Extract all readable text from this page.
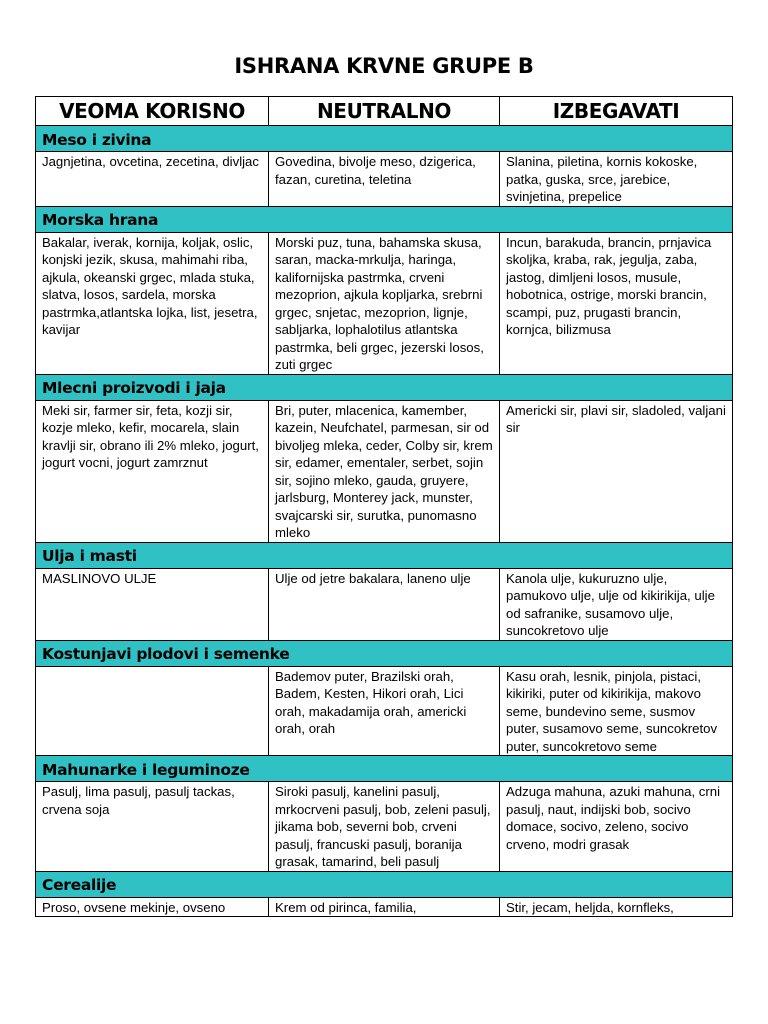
ISHRANA KRVNE GRUPE B
VEOMA KORISNO	NEUTRALNO	IZBEGAVATI
Meso i zivina		
Jagnjetina, ovcetina, zecetina, divljac	Govedina, bivolje meso, dzigerica, fazan, curetina, teletina	Slanina, piletina, kornis kokoske, patka, guska, srce, jarebice, svinjetina, prepelice
Morska hrana		
Bakalar, iverak, kornija, koljak, oslic, konjski jezik, skusa, mahimahi riba, ajkula, okeanski grgec, mlada stuka, slatva, losos, sardela, morska pastrmka,atlantska lojka, list, jesetra, kavijar	Morski puz, tuna, bahamska skusa, saran, macka-mrkulja, haringa, kalifornijska pastrmka, crveni mezoprion, ajkula kopljarka, srebrni grgec, snjetac, mezoprion, lignje, sabljarka, lophalotilus atlantska pastrmka, beli grgec, jezerski losos, zuti grgec	Incun, barakuda, brancin, prnjavica skoljka, kraba, rak, jegulja, zaba, jastog, dimljeni losos, musule, hobotnica, ostrige, morski brancin, scampi, puz, prugasti brancin, kornjca, bilizmusa
Mlecni proizvodi i jaja		
Meki sir, farmer sir, feta, kozji sir, kozje mleko, kefir, mocarela, slain kravlji sir, obrano ili 2% mleko, jogurt, jogurt vocni, jogurt zamrznut	Bri, puter, mlacenica, kamember, kazein, Neufchatel, parmesan, sir od bivoljeg mleka, ceder, Colby sir, krem sir, edamer, ementaler, serbet, sojin sir, sojino mleko, gauda, gruyere, jarlsburg, Monterey jack, munster, svajcarski sir, surutka, punomasno mleko	Americki sir, plavi sir, sladoled, valjani sir
Ulja i masti		
MASLINOVO ULJE	Ulje od jetre bakalara, laneno ulje	Kanola ulje, kukuruzno ulje, pamukovo ulje, ulje od kikirikija, ulje od safranike, susamovo ulje, suncokretovo ulje
Kostunjavi plodovi i semenke		
	Bademov puter, Brazilski orah, Badem, Kesten, Hikori orah, Lici orah, makadamija orah, americki orah, orah	Kasu orah, lesnik, pinjola, pistaci, kikiriki, puter od kikirikija, makovo seme, bundevino seme, susmov puter, susamovo seme, suncokretov puter, suncokretovo seme
Mahunarke i leguminoze		
Pasulj, lima pasulj, pasulj tackas, crvena soja	Siroki pasulj, kanelini pasulj, mrkocrveni pasulj, bob, zeleni pasulj, jikama bob, severni bob, crveni pasulj, francuski pasulj, boranija grasak, tamarind, beli pasulj	Adzuga mahuna, azuki mahuna, crni pasulj, naut, indijski bob, socivo domace, socivo, zeleno, socivo crveno, modri grasak
Cerealije		
Proso, ovsene mekinje, ovseno	Krem od pirinca, familia,	Stir, jecam, heljda, kornfleks,
